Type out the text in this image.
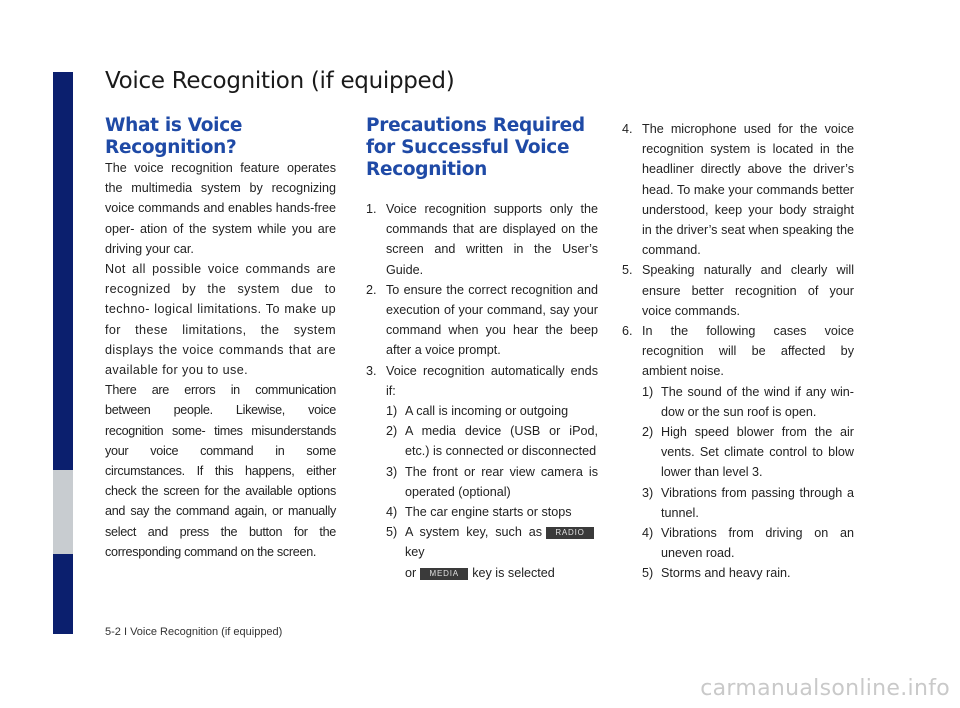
Voice Recognition (if equipped)
What is Voice Recognition?

The voice recognition feature operates the multimedia system by recognizing voice commands and enables hands-free oper- ation of the system while you are driving your car.

Not all possible voice commands are recognized by the system due to techno- logical limitations. To make up for these limitations, the system displays the voice commands that are available for you to use.

There are errors in communication between people. Likewise, voice recognition some- times misunderstands your voice command in some circumstances. If this happens, either check the screen for the available options and say the command again, or manually select and press the button for the corresponding command on the screen.

Precautions Required
for Successful Voice
Recognition
1. Voice recognition supports only the commands that are displayed on the screen and written in the User’s Guide.
2. To ensure the correct recognition and execution of your command, say your command when you hear the beep after a voice prompt.
3. Voice recognition automatically ends if:
1) A call is incoming or outgoing
2) A media device (USB or iPod, etc.) is connected or disconnected
3) The front or rear view camera is operated (optional)
4) The car engine starts or stops
5) A system key, such as RADIOkey
or MEDIA key is selected
4. The microphone used for the voice recognition system is located in the headliner directly above the driver’s head. To make your commands better understood, keep your body straight in the driver’s seat when speaking the command.
5. Speaking naturally and clearly will ensure better recognition of your voice commands.
6. In the following cases voice recognition will be affected by ambient noise.
1) The sound of the wind if any win- dow or the sun roof is open.
2) High speed blower from the air vents. Set climate control to blow lower than level 3.
3) Vibrations from passing through a tunnel.
4) Vibrations from driving on an uneven road.
5) Storms and heavy rain.
5-2 I Voice Recognition (if equipped)
carmanualsonline.info
